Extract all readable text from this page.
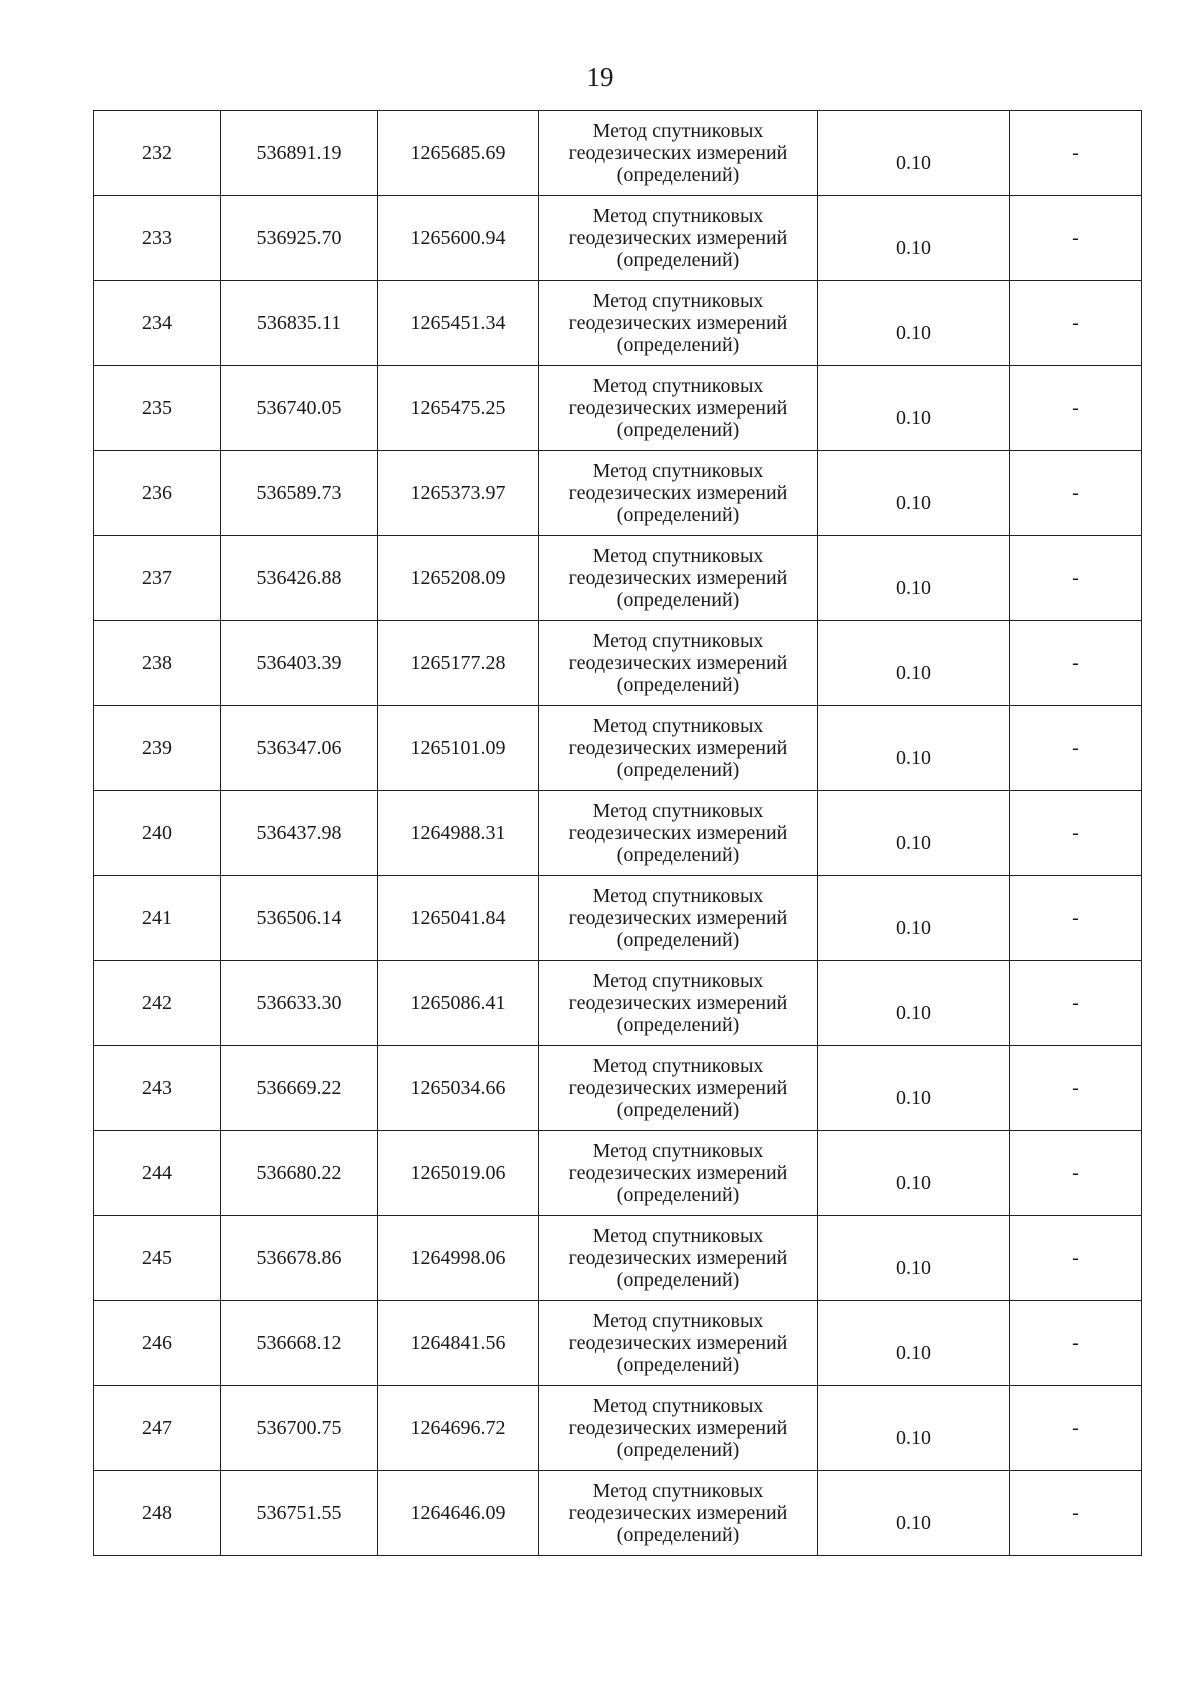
19
232	536891.19	1265685.69	Метод спутниковых
геодезических измерений
(определений)	0.10	-
233	536925.70	1265600.94	Метод спутниковых
геодезических измерений
(определений)	0.10	-
234	536835.11	1265451.34	Метод спутниковых
геодезических измерений
(определений)	0.10	-
235	536740.05	1265475.25	Метод спутниковых
геодезических измерений
(определений)	0.10	-
236	536589.73	1265373.97	Метод спутниковых
геодезических измерений
(определений)	0.10	-
237	536426.88	1265208.09	Метод спутниковых
геодезических измерений
(определений)	0.10	-
238	536403.39	1265177.28	Метод спутниковых
геодезических измерений
(определений)	0.10	-
239	536347.06	1265101.09	Метод спутниковых
геодезических измерений
(определений)	0.10	-
240	536437.98	1264988.31	Метод спутниковых
геодезических измерений
(определений)	0.10	-
241	536506.14	1265041.84	Метод спутниковых
геодезических измерений
(определений)	0.10	-
242	536633.30	1265086.41	Метод спутниковых
геодезических измерений
(определений)	0.10	-
243	536669.22	1265034.66	Метод спутниковых
геодезических измерений
(определений)	0.10	-
244	536680.22	1265019.06	Метод спутниковых
геодезических измерений
(определений)	0.10	-
245	536678.86	1264998.06	Метод спутниковых
геодезических измерений
(определений)	0.10	-
246	536668.12	1264841.56	Метод спутниковых
геодезических измерений
(определений)	0.10	-
247	536700.75	1264696.72	Метод спутниковых
геодезических измерений
(определений)	0.10	-
248	536751.55	1264646.09	Метод спутниковых
геодезических измерений
(определений)	0.10	-
